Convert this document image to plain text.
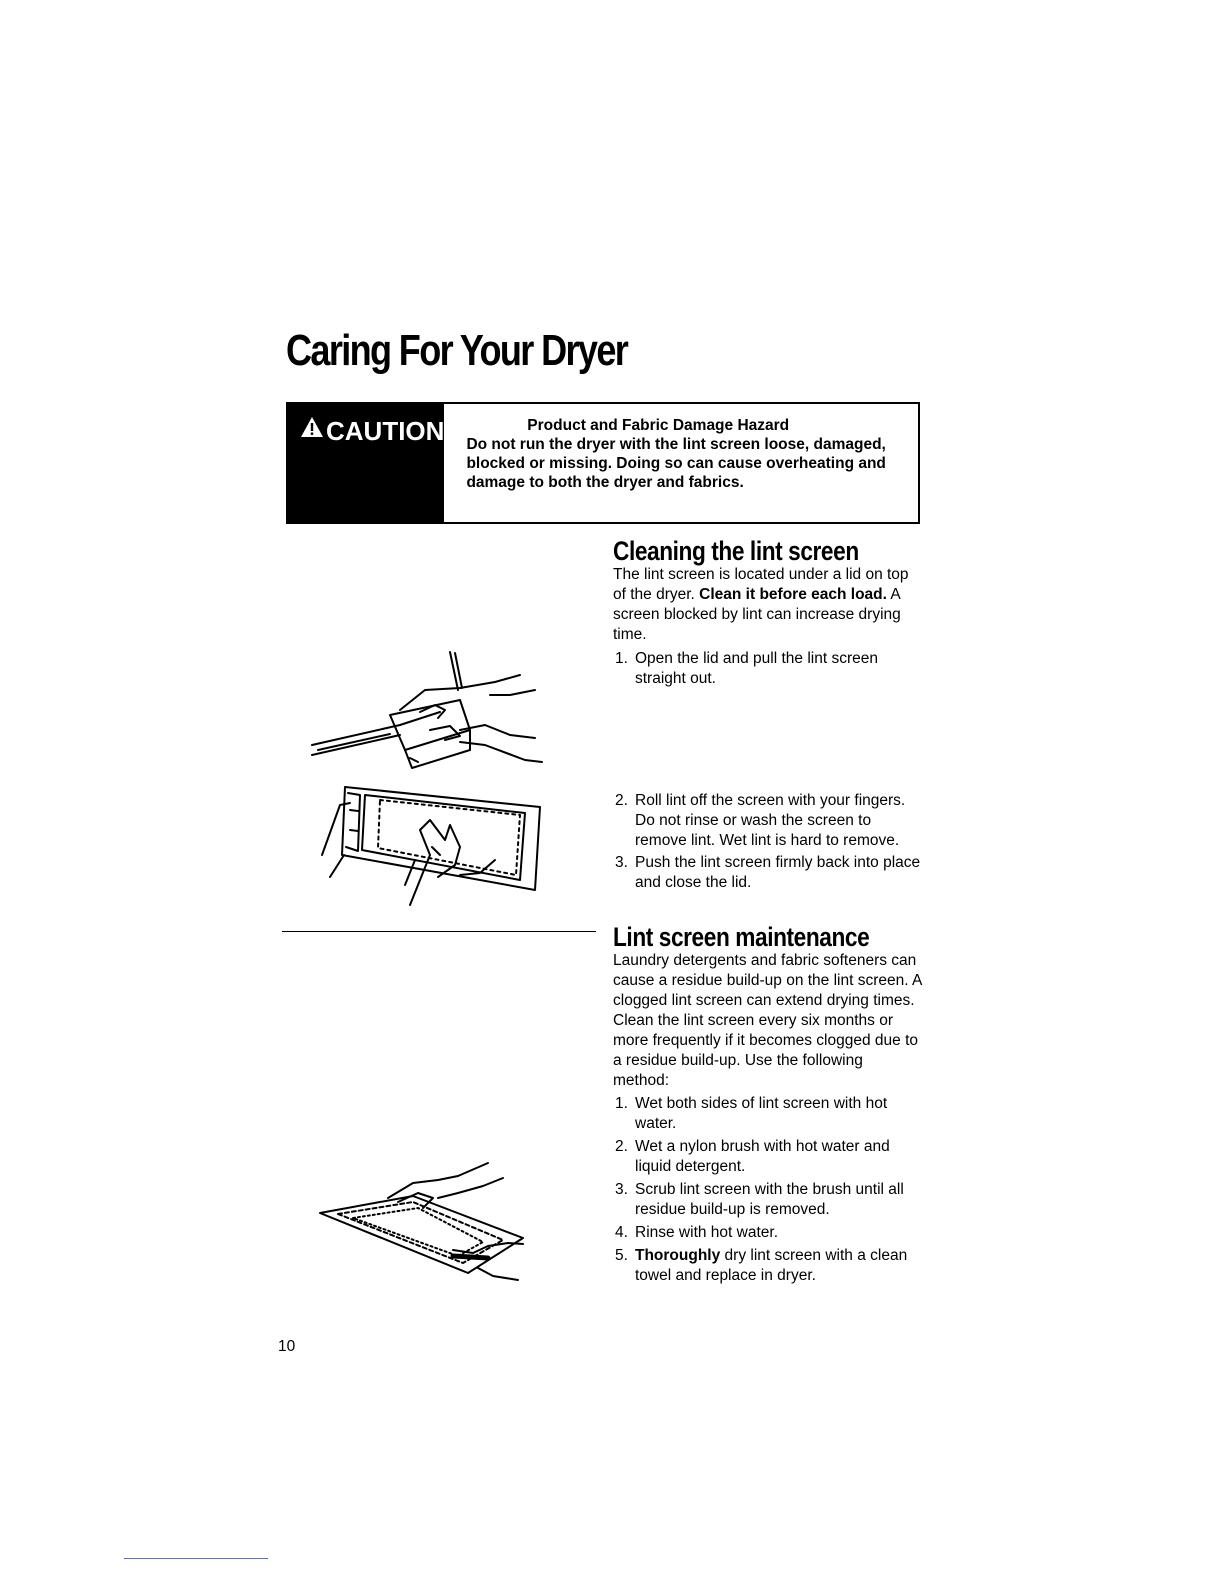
Caring For Your Dryer
CAUTION	Product and Fabric Damage Hazard
Do not run the dryer with the lint screen loose, damaged, blocked or missing. Doing so can cause overheating and damage to both the dryer and fabrics.
Cleaning the lint screen

The lint screen is located under a lid on top of the dryer. Clean it before each load. A screen blocked by lint can increase drying time.

1. Open the lid and pull the lint screen straight out.
2. Roll lint off the screen with your fingers. Do not rinse or wash the screen to remove lint. Wet lint is hard to remove.
3. Push the lint screen firmly back into place and close the lid.
Lint screen maintenance

Laundry detergents and fabric softeners can cause a residue build-up on the lint screen. A clogged lint screen can extend drying times. Clean the lint screen every six months or more frequently if it becomes clogged due to a residue build-up. Use the following method:

1. Wet both sides of lint screen with hot water.
2. Wet a nylon brush with hot water and liquid detergent.
3. Scrub lint screen with the brush until all residue build-up is removed.
4. Rinse with hot water.
5. Thoroughly dry lint screen with a clean towel and replace in dryer.
10
